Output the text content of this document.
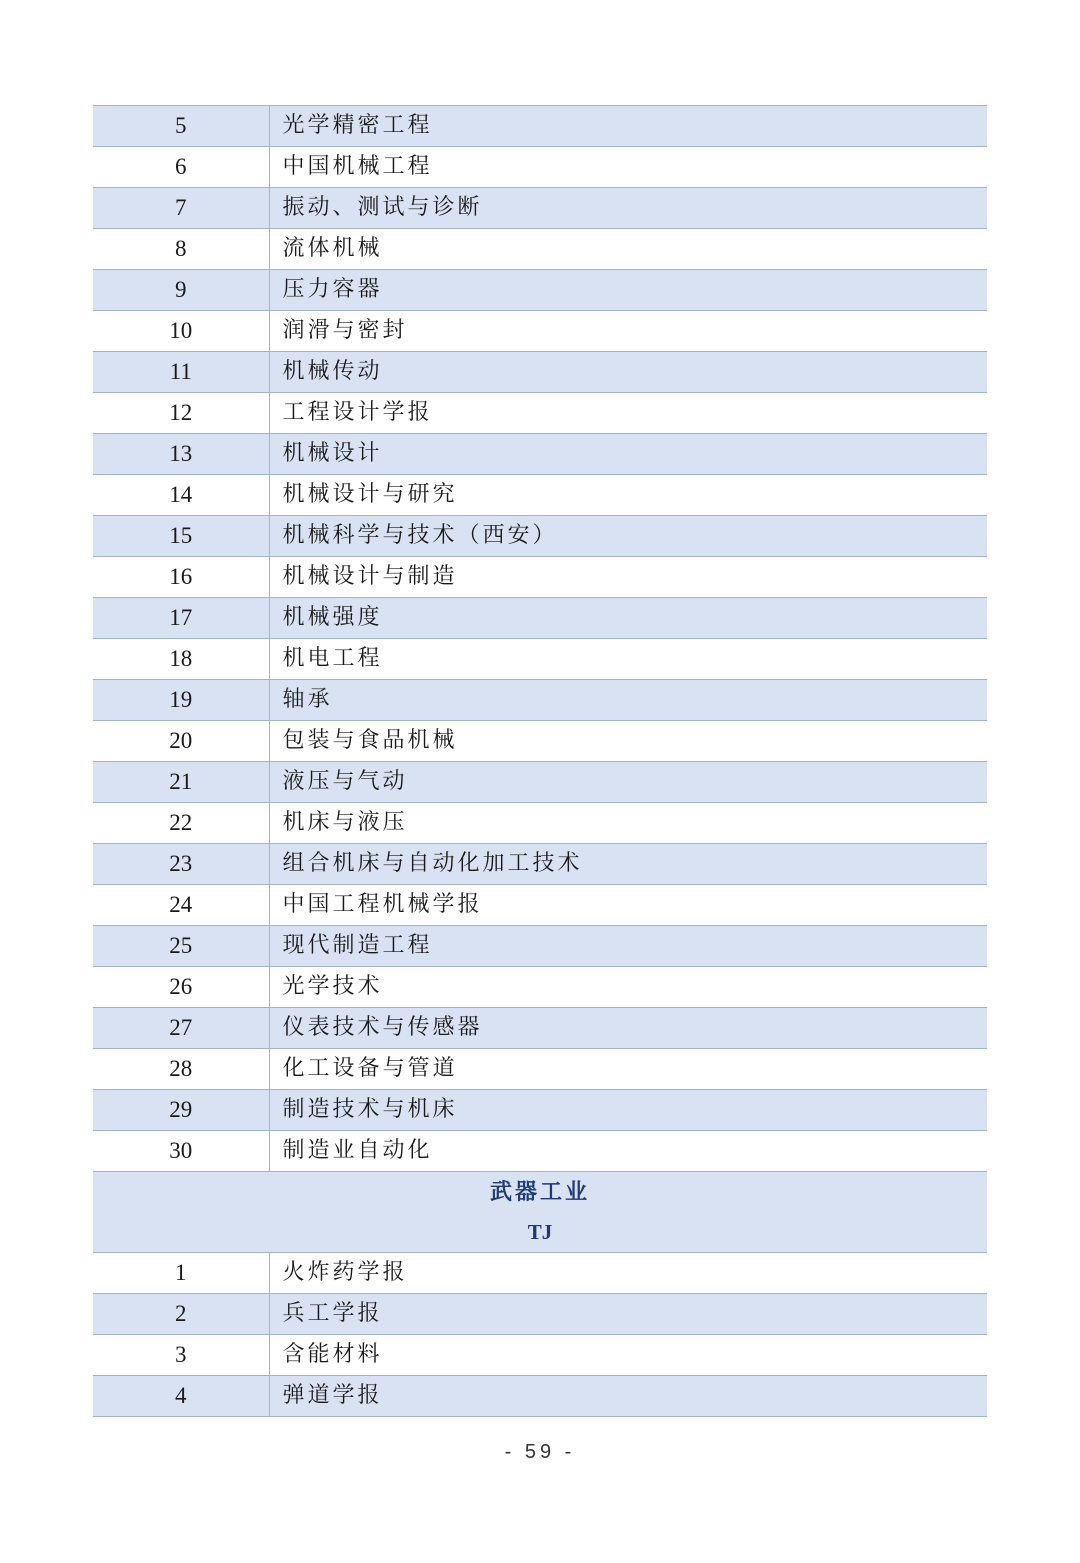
5	光学精密工程
6	中国机械工程
7	振动、测试与诊断
8	流体机械
9	压力容器
10	润滑与密封
11	机械传动
12	工程设计学报
13	机械设计
14	机械设计与研究
15	机械科学与技术（西安）
16	机械设计与制造
17	机械强度
18	机电工程
19	轴承
20	包装与食品机械
21	液压与气动
22	机床与液压
23	组合机床与自动化加工技术
24	中国工程机械学报
25	现代制造工程
26	光学技术
27	仪表技术与传感器
28	化工设备与管道
29	制造技术与机床
30	制造业自动化

武器工业
TJ	

1	火炸药学报
2	兵工学报
3	含能材料
4	弹道学报
- 59 -
